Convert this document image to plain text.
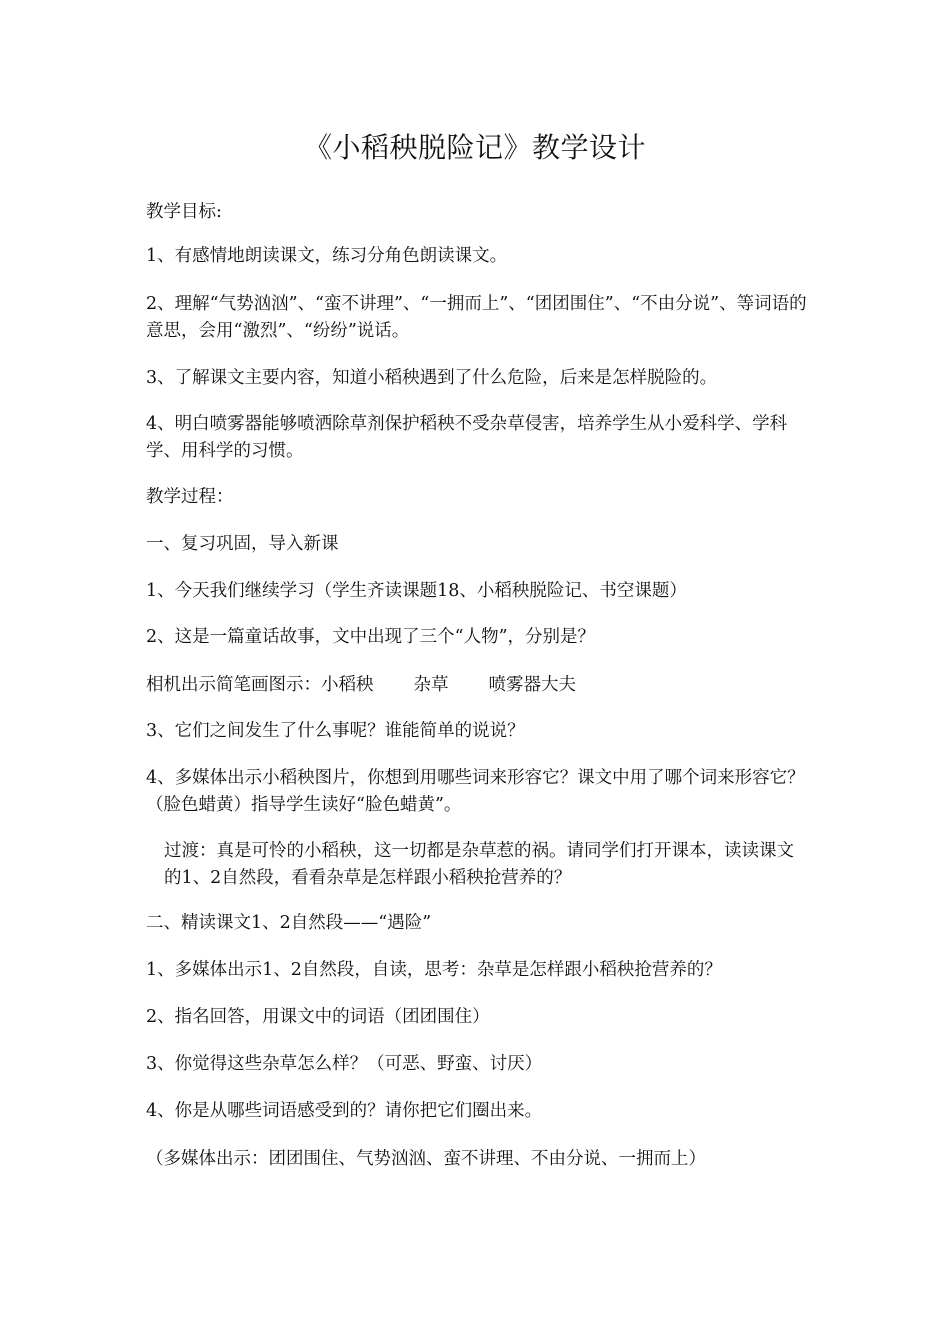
《小稻秧脱险记》教学设计

教学目标:

1、有感情地朗读课文，练习分角色朗读课文。

2、理解“气势汹汹”、“蛮不讲理”、“一拥而上”、“团团围住”、“不由分说”、等词语的意思，会用“激烈”、“纷纷”说话。

3、了解课文主要内容，知道小稻秧遇到了什么危险，后来是怎样脱险的。

4、明白喷雾器能够喷洒除草剂保护稻秧不受杂草侵害，培养学生从小爱科学、学科学、用科学的习惯。

教学过程：

一、复习巩固，导入新课

1、今天我们继续学习（学生齐读课题18、小稻秧脱险记、书空课题）

2、这是一篇童话故事，文中出现了三个“人物”，分别是？

相机出示简笔画图示：小稻秧 杂草 喷雾器大夫

3、它们之间发生了什么事呢？谁能简单的说说？

4、多媒体出示小稻秧图片，你想到用哪些词来形容它？课文中用了哪个词来形容它？（脸色蜡黄）指导学生读好“脸色蜡黄”。

过渡：真是可怜的小稻秧，这一切都是杂草惹的祸。请同学们打开课本，读读课文的1、2自然段，看看杂草是怎样跟小稻秧抢营养的？

二、精读课文1、2自然段——“遇险”

1、多媒体出示1、2自然段，自读，思考：杂草是怎样跟小稻秧抢营养的？

2、指名回答，用课文中的词语（团团围住）

3、你觉得这些杂草怎么样？（可恶、野蛮、讨厌）

4、你是从哪些词语感受到的？请你把它们圈出来。

（多媒体出示：团团围住、气势汹汹、蛮不讲理、不由分说、一拥而上）
